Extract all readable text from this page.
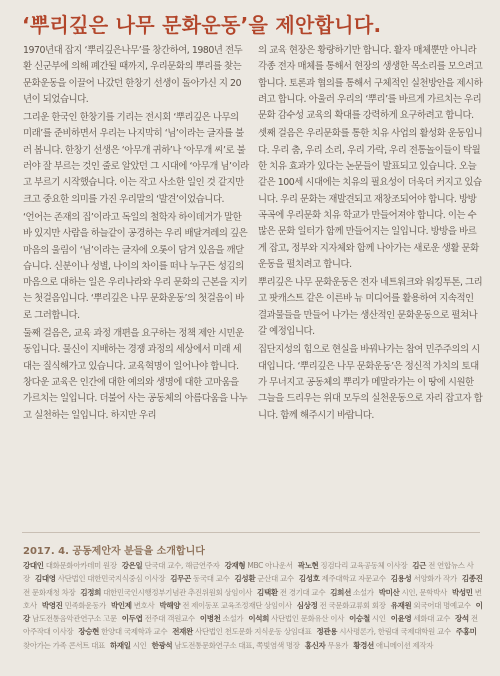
‘뿌리깊은 나무 문화운동’을 제안합니다.

1970년대 잡지 ‘뿌리깊은나무’를 창간하여, 1980년 전두환 신군부에 의해 폐간될 때까지, 우리문화의 뿌리를 찾는 문화운동을 이끌어 나갔던 한창기 선생이 돌아가신 지 20년이 되었습니다.

그리운 한국인 한창기를 기리는 전시회 ‘뿌리깊은 나무의 미래’를 준비하면서 우리는 나지막히 ‘님’이라는 글자를 불러 봅니다. 한창기 선생은 ‘아무개 귀하’나 ‘아무개 씨’로 불러야 잘 부르는 것인 줄로 알았던 그 시대에 ‘아무개 님’이라고 부르기 시작했습니다. 이는 작고 사소한 일인 것 같지만 크고 중요한 의미를 가진 우리말의 ‘발견’이었습니다.

‘언어는 존재의 집’이라고 독일의 철학자 하이데거가 말한 바 있지만 사람을 하늘같이 공경하는 우리 배달겨레의 깊은 마음의 울림이 ‘님’이라는 글자에 오롯이 담겨 있음을 깨닫습니다. 신분이나 성별, 나이의 차이를 떠나 누구든 성김의 마음으로 대하는 일은 우리나라와 우리 문화의 근본을 지키는 첫걸음입니다. ‘뿌리깊은 나무 문화운동’의 첫걸음이 바로 그러합니다.

둘째 걸음은, 교육 과정 개편을 요구하는 정책 제안 시민운동입니다. 물신이 지배하는 경쟁 과정의 세상에서 미래 세대는 질식해가고 있습니다. 교육혁명이 일어나야 합니다. 창다운 교육은 인간에 대한 예의와 생명에 대한 고마움을 가르치는 일입니다. 더불어 사는 공동체의 아름다움을 나누고 실천하는 일입니다. 하지만 우리

의 교육 현장은 황량하기만 합니다. 활자 매체뿐만 아니라 각종 전자 매체를 통해서 현장의 생생한 목소리를 모으려고 합니다. 토론과 협의를 통해서 구체적인 실천방안을 제시하려고 합니다. 아울러 우리의 ‘뿌리’를 바르게 가르치는 우리문화 감수성 교육의 확대를 강력하게 요구하려고 합니다.

셋째 걸음은 우리문화를 통한 치유 사업의 활성화 운동입니다. 우리 춤, 우리 소리, 우리 가락, 우리 전통놀이들이 탁월한 치유 효과가 있다는 논문들이 발표되고 있습니다. 오늘 같은 100세 시대에는 치유의 필요성이 더욱더 커지고 있습니다. 우리 문화는 재발견되고 재창조되어야 합니다. 방방곡곡에 우리문화 치유 학교가 만들어져야 합니다. 이는 수많은 문화 일터가 함께 만들어지는 일입니다. 방방을 바르게 잡고, 정부와 지자체와 함께 나아가는 새로운 생활 문화운동을 펼치려고 합니다.

뿌리깊은 나무 문화운동은 전자 네트워크와 워킹투톤, 그리고 팟캐스트 같은 이른바 뉴 미디어를 활용하여 지속적인 결과물들을 만들어 나가는 생산적인 문화운동으로 펼쳐나갈 예정입니다.

집단지성의 힘으로 현실을 바꿔나가는 참여 민주주의의 시대입니다. ‘뿌리깊은 나무 문화운동’은 정신적 가치의 토대가 무너지고 공동체의 뿌리가 메말라가는 이 땅에 시원한 그늘을 드리우는 위대 모두의 실천운동으로 자리 잡고자 합니다. 함께 해주시기 바랍니다.

2017. 4. 공동제안자 분들을 소개합니다
강대인 대화문화아카데미 원장 강은일 단국대 교수, 해금연주자 강재형 MBC 아나운서 곽노현 징검다리 교육공동체 이사장 김근 전 연합뉴스 사장 김대영 사단법인 대한민국지식중심 이사장 김무곤 동국대 교수 김성환 군산대 교수 김성호 제주대학교 자문교수 김용성 서양화가 작가 김종진 전 문화재청 차장 김정희 대한민국인시행정부기념관 추진위원회 상임이사 김택환 전 경기대 교수 김희선 소설가 박미산 시인, 문학박사 박성민 변호사 박영진 민족화운동가 박인제 변호사 박해양 전 제이동포 교육조정재단 상임이사 심상정 전 국문화교류회 회장 유재원 외국어대 명예교수 이강 남도전통음악관연구소 고문 이두엽 전주대 객원교수 이병천 소설가 이석희 사단법인 문화유산 이사 이승철 시인 이윤영 세화대 교수 장석 전 아주작대 이사장 장승현 한양대 국제학과 교수 전재완 사단법인 천도문화 지식운동 상임대표 정관용 시사평론가, 한림대 국제대학원 교수 주홍미 찾아가는 가족 콘서트 대표 하재일 시인 한광석 남도전통문화연구소 대표, 쪽빛염색 명장 홍신자 무용가 황경선 애니메이션 제작자
